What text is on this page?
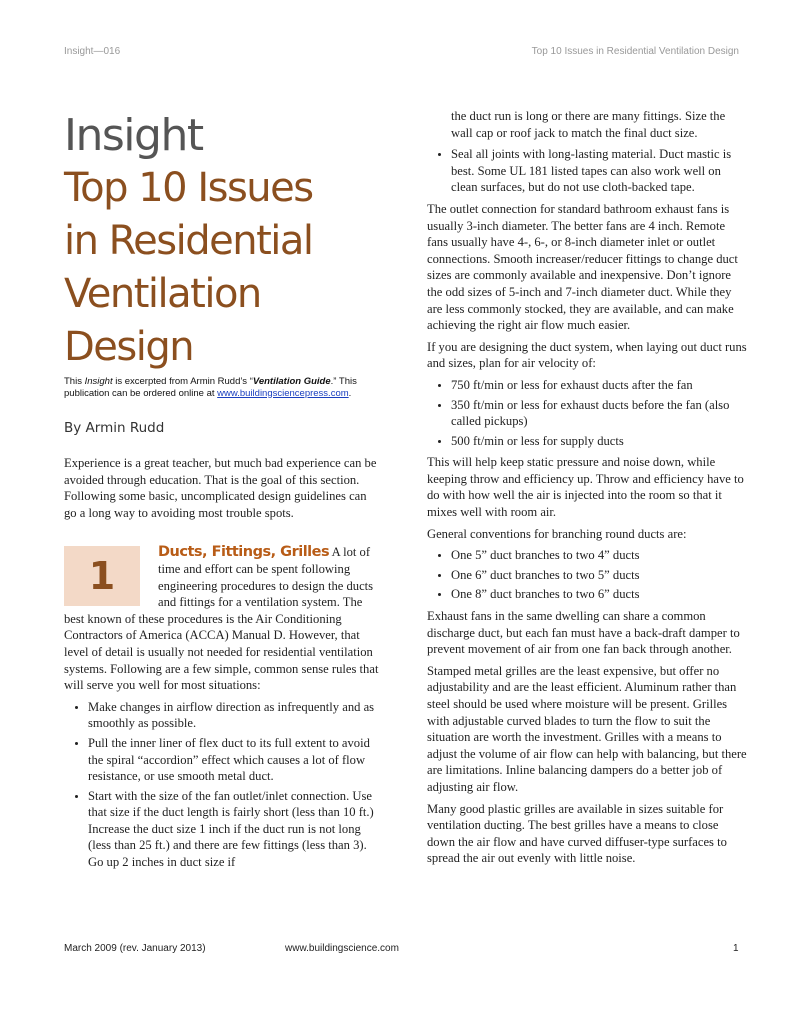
Insight—016	Top 10 Issues in Residential Ventilation Design
Insight
Top 10 Issues
in Residential
Ventilation
Design
This Insight is excerpted from Armin Rudd’s “Ventilation Guide.” This publication can be ordered online at www.buildingsciencepress.com.
By Armin Rudd

Experience is a great teacher, but much bad experience can be avoided through education. That is the goal of this section. Following some basic, uncomplicated design guidelines can go a long way to avoiding most trouble spots.

1

Ducts, Fittings, Grilles A lot of time and effort can be spent following engineering procedures to design the ducts and fittings for a ventilation system. The best known of these procedures is the Air Conditioning Contractors of America (ACCA) Manual D. However, that level of detail is usually not needed for residential ventilation systems. Following are a few simple, common sense rules that will serve you well for most situations:

• Make changes in airflow direction as infrequently and as smoothly as possible.
• Pull the inner liner of flex duct to its full extent to avoid the spiral “accordion” effect which causes a lot of flow resistance, or use smooth metal duct.
• Start with the size of the fan outlet/inlet connection. Use that size if the duct length is fairly short (less than 10 ft.) Increase the duct size 1 inch if the duct run is not long (less than 25 ft.) and there are few fittings (less than 3). Go up 2 inches in duct size if
the duct run is long or there are many fittings. Size the wall cap or roof jack to match the final duct size.
• Seal all joints with long-lasting material. Duct mastic is best. Some UL 181 listed tapes can also work well on clean surfaces, but do not use cloth-backed tape.

The outlet connection for standard bathroom exhaust fans is usually 3-inch diameter. The better fans are 4 inch. Remote fans usually have 4-, 6-, or 8-inch diameter inlet or outlet connections. Smooth increaser/reducer fittings to change duct sizes are commonly available and inexpensive. Don’t ignore the odd sizes of 5-inch and 7-inch diameter duct. While they are less commonly stocked, they are available, and can make achieving the right air flow much easier.

If you are designing the duct system, when laying out duct runs and sizes, plan for air velocity of:

• 750 ft/min or less for exhaust ducts after the fan
• 350 ft/min or less for exhaust ducts before the fan (also called pickups)
• 500 ft/min or less for supply ducts

This will help keep static pressure and noise down, while keeping throw and efficiency up. Throw and efficiency have to do with how well the air is injected into the room so that it mixes well with room air.

General conventions for branching round ducts are:

• One 5” duct branches to two 4” ducts
• One 6” duct branches to two 5” ducts
• One 8” duct branches to two 6” ducts

Exhaust fans in the same dwelling can share a common discharge duct, but each fan must have a back-draft damper to prevent movement of air from one fan back through another.

Stamped metal grilles are the least expensive, but offer no adjustability and are the least efficient. Aluminum rather than steel should be used where moisture will be present. Grilles with adjustable curved blades to turn the flow to suit the situation are worth the investment. Grilles with a means to adjust the volume of air flow can help with balancing, but there are limitations. Inline balancing dampers do a better job of adjusting air flow.

Many good plastic grilles are available in sizes suitable for ventilation ducting. The best grilles have a means to close down the air flow and have curved diffuser-type surfaces to spread the air out evenly with little noise.

March 2009 (rev. January 2013)	www.buildingscience.com	1
